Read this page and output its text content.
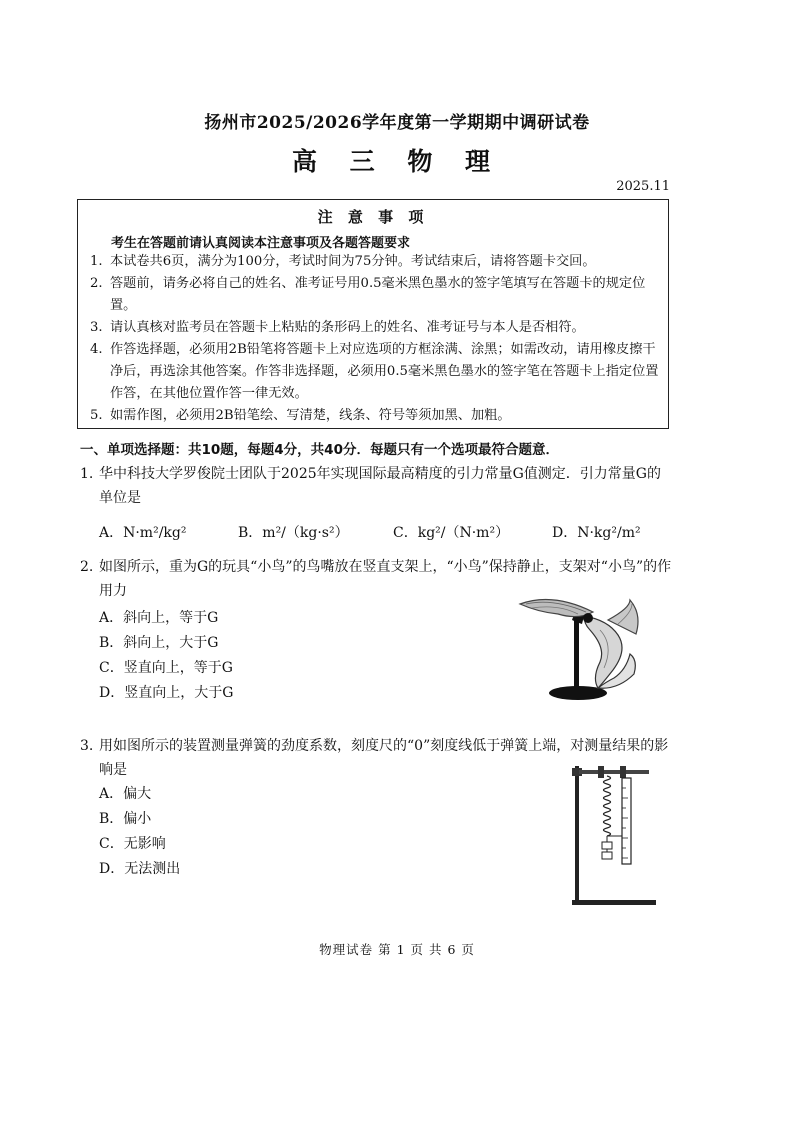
扬州市2025/2026学年度第一学期期中调研试卷
高 三 物 理
2025.11
注 意 事 项
考生在答题前请认真阅读本注意事项及各题答题要求
1. 本试卷共6页，满分为100分，考试时间为75分钟。考试结束后，请将答题卡交回。
2. 答题前，请务必将自己的姓名、准考证号用0.5毫米黑色墨水的签字笔填写在答题卡的规定位置。
3. 请认真核对监考员在答题卡上粘贴的条形码上的姓名、准考证号与本人是否相符。
4. 作答选择题，必须用2B铅笔将答题卡上对应选项的方框涂满、涂黑；如需改动，请用橡皮擦干净后，再选涂其他答案。作答非选择题，必须用0.5毫米黑色墨水的签字笔在答题卡上指定位置作答，在其他位置作答一律无效。
5. 如需作图，必须用2B铅笔绘、写清楚，线条、符号等须加黑、加粗。
一、单项选择题：共10题，每题4分，共40分．每题只有一个选项最符合题意．
1. 华中科技大学罗俊院士团队于2025年实现国际最高精度的引力常量G值测定．引力常量G的单位是
A．N·m²/kg²	B．m²/（kg·s²）	C．kg²/（N·m²）	D．N·kg²/m²
2. 如图所示，重为G的玩具“小鸟”的鸟嘴放在竖直支架上，“小鸟”保持静止，支架对“小鸟”的作用力
A．斜向上，等于G
B．斜向上，大于G
C．竖直向上，等于G
D．竖直向上，大于G
3. 用如图所示的装置测量弹簧的劲度系数，刻度尺的“0”刻度线低于弹簧上端，对测量结果的影响是
A．偏大
B．偏小
C．无影响
D．无法测出
物理试卷 第 1 页 共 6 页
